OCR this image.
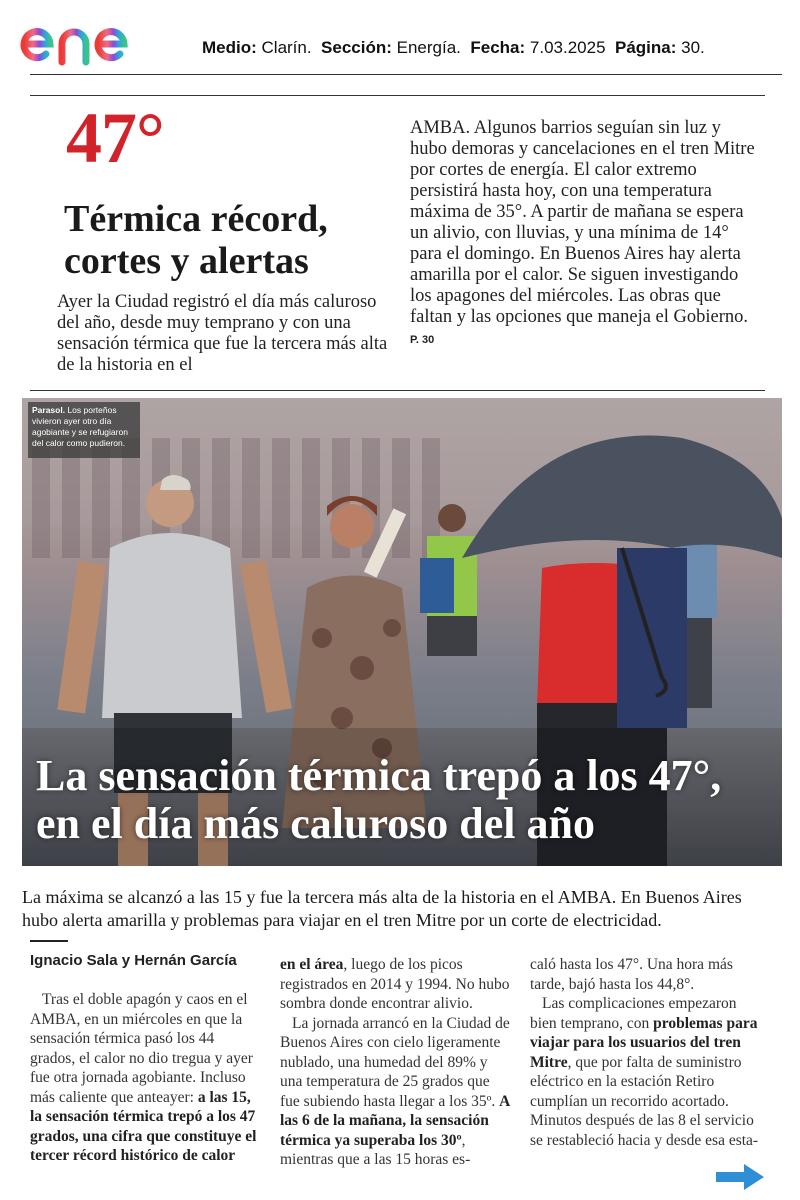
Medio: Clarín. Sección: Energía. Fecha: 7.03.2025 Página: 30.
47°
Térmica récord, cortes y alertas
Ayer la Ciudad registró el día más caluroso del año, desde muy temprano y con una sensación térmica que fue la tercera más alta de la historia en el
AMBA. Algunos barrios seguían sin luz y hubo demoras y cancelaciones en el tren Mitre por cortes de energía. El calor extremo persistirá hasta hoy, con una temperatura máxima de 35°. A partir de mañana se espera un alivio, con lluvias, y una mínima de 14° para el domingo. En Buenos Aires hay alerta amarilla por el calor. Se siguen investigando los apagones del miércoles. Las obras que faltan y las opciones que maneja el Gobierno. P. 30
Parasol. Los porteños vivieron ayer otro día agobiante y se refugiaron del calor como pudieron.
La sensación térmica trepó a los 47°, en el día más caluroso del año
La máxima se alcanzó a las 15 y fue la tercera más alta de la historia en el AMBA. En Buenos Aires hubo alerta amarilla y problemas para viajar en el tren Mitre por un corte de electricidad.
Ignacio Sala y Hernán García

Tras el doble apagón y caos en el AMBA, en un miércoles en que la sensación térmica pasó los 44 grados, el calor no dio tregua y ayer fue otra jornada agobiante. Incluso más caliente que anteayer: a las 15, la sensación térmica trepó a los 47 grados, una cifra que constituye el tercer récord histórico de calor

en el área, luego de los picos registrados en 2014 y 1994. No hubo sombra donde encontrar alivio.

La jornada arrancó en la Ciudad de Buenos Aires con cielo ligeramente nublado, una humedad del 89% y una temperatura de 25 grados que fue subiendo hasta llegar a los 35º. A las 6 de la mañana, la sensación térmica ya superaba los 30º, mientras que a las 15 horas es-

caló hasta los 47°. Una hora más tarde, bajó hasta los 44,8°.

Las complicaciones empezaron bien temprano, con problemas para viajar para los usuarios del tren Mitre, que por falta de suministro eléctrico en la estación Retiro cumplían un recorrido acortado. Minutos después de las 8 el servicio se restableció hacia y desde esa esta-
